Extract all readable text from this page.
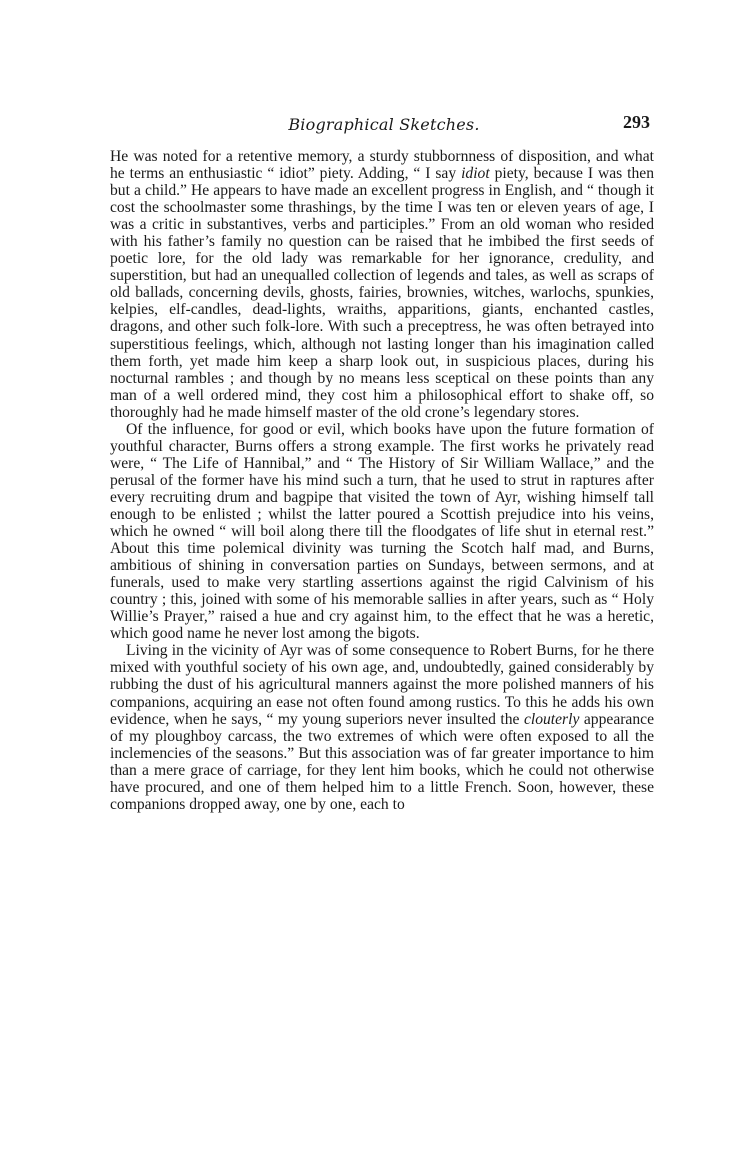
Biographical Sketches.	293

He was noted for a retentive memory, a sturdy stubbornness of disposition, and what he terms an enthusiastic “ idiot” piety. Adding, “ I say idiot piety, because I was then but a child.” He appears to have made an excellent progress in English, and “ though it cost the schoolmaster some thrashings, by the time I was ten or eleven years of age, I was a critic in substantives, verbs and participles.” From an old woman who resided with his father’s family no question can be raised that he imbibed the first seeds of poetic lore, for the old lady was remarkable for her ignorance, credulity, and superstition, but had an unequalled collection of legends and tales, as well as scraps of old ballads, concerning devils, ghosts, fairies, brownies, witches, warlochs, spunkies, kelpies, elf-candles, dead-lights, wraiths, apparitions, giants, enchanted castles, dragons, and other such folk-lore. With such a preceptress, he was often betrayed into superstitious feelings, which, although not lasting longer than his imagination called them forth, yet made him keep a sharp look out, in suspicious places, during his nocturnal rambles ; and though by no means less sceptical on these points than any man of a well ordered mind, they cost him a philosophical effort to shake off, so thoroughly had he made himself master of the old crone’s legendary stores.

Of the influence, for good or evil, which books have upon the future formation of youthful character, Burns offers a strong example. The first works he privately read were, “ The Life of Hannibal,” and “ The History of Sir William Wallace,” and the perusal of the former have his mind such a turn, that he used to strut in raptures after every recruiting drum and bagpipe that visited the town of Ayr, wishing himself tall enough to be enlisted ; whilst the latter poured a Scottish prejudice into his veins, which he owned “ will boil along there till the floodgates of life shut in eternal rest.” About this time polemical divinity was turning the Scotch half mad, and Burns, ambitious of shining in conversation parties on Sundays, between sermons, and at funerals, used to make very startling assertions against the rigid Calvinism of his country ; this, joined with some of his memorable sallies in after years, such as “ Holy Willie’s Prayer,” raised a hue and cry against him, to the effect that he was a heretic, which good name he never lost among the bigots.

Living in the vicinity of Ayr was of some consequence to Robert Burns, for he there mixed with youthful society of his own age, and, undoubtedly, gained considerably by rubbing the dust of his agricultural manners against the more polished manners of his companions, acquiring an ease not often found among rustics. To this he adds his own evidence, when he says, “ my young superiors never insulted the clouterly appearance of my ploughboy carcass, the two extremes of which were often exposed to all the inclemencies of the seasons.” But this association was of far greater importance to him than a mere grace of carriage, for they lent him books, which he could not otherwise have procured, and one of them helped him to a little French. Soon, however, these companions dropped away, one by one, each to
